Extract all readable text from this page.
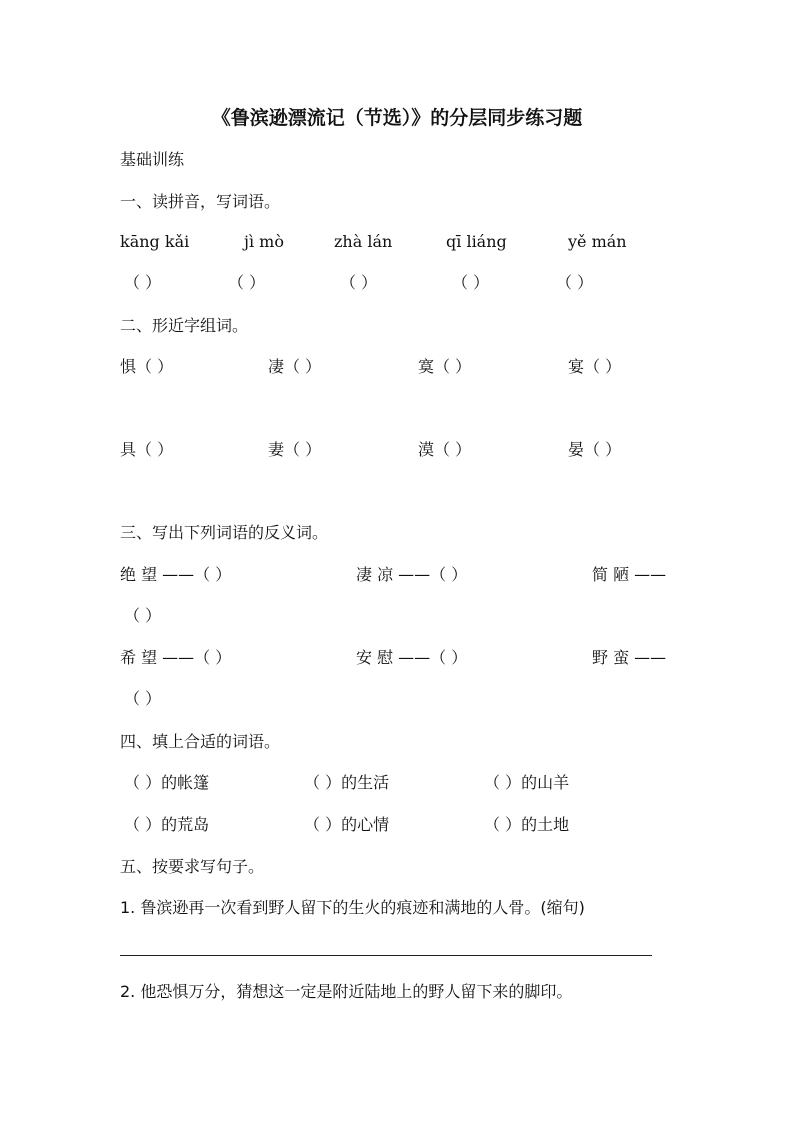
《鲁滨逊漂流记（节选）》的分层同步练习题
基础训练
一、读拼音，写词语。
kāng kǎi	jì mò	zhà lán	qī liáng	yě mán
（ ）	（ ）	（ ）	（ ）	（ ）
二、形近字组词。
惧（ ）	凄（ ）	寞（ ）	宴（ ）
具（ ）	妻（ ）	漠（ ）	晏（ ）
三、写出下列词语的反义词。
绝 望 ——（ ）	凄 凉 ——（ ）	简 陋 ——
（ ）
希 望 ——（ ）	安 慰 ——（ ）	野 蛮 ——
（ ）
四、填上合适的词语。
（ ）的帐篷	（ ）的生活	（ ）的山羊
（ ）的荒岛	（ ）的心情	（ ）的土地
五、按要求写句子。
1. 鲁滨逊再一次看到野人留下的生火的痕迹和满地的人骨。(缩句)
2. 他恐惧万分，猜想这一定是附近陆地上的野人留下来的脚印。
